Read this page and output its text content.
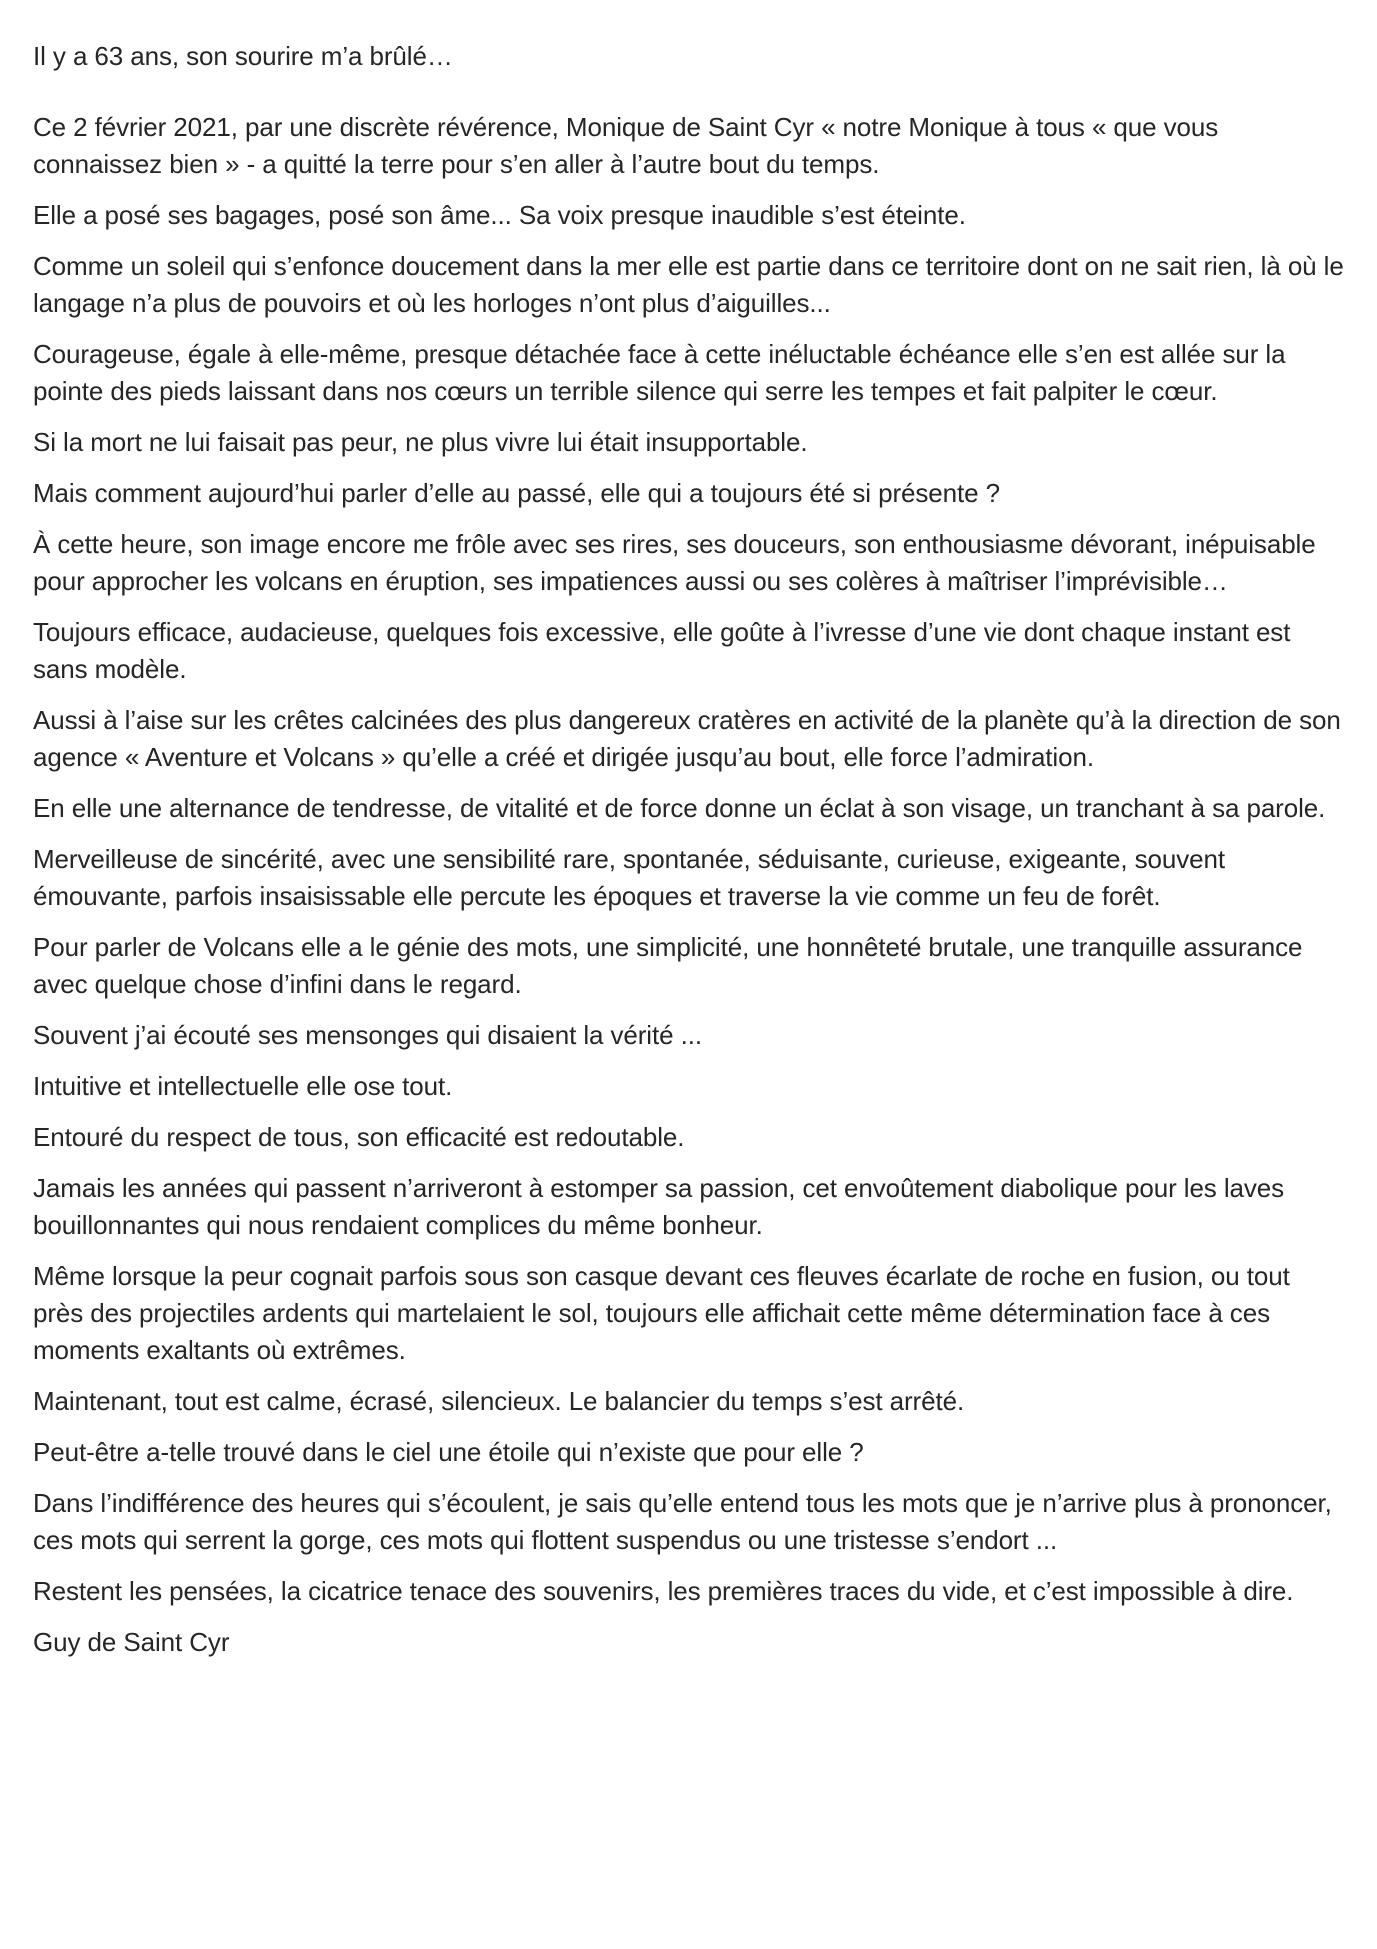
Il y a 63 ans, son sourire m’a brûlé…

Ce 2 février 2021, par une discrète révérence, Monique de Saint Cyr « notre Monique à tous « que vous connaissez bien » - a quitté la terre pour s’en aller à l’autre bout du temps.

Elle a posé ses bagages, posé son âme... Sa voix presque inaudible s’est éteinte.

Comme un soleil qui s’enfonce doucement dans la mer elle est partie dans ce territoire dont on ne sait rien, là où le langage n’a plus de pouvoirs et où les horloges n’ont plus d’aiguilles...

Courageuse, égale à elle-même, presque détachée face à cette inéluctable échéance elle s’en est allée sur la pointe des pieds laissant dans nos cœurs un terrible silence qui serre les tempes et fait palpiter le cœur.

Si la mort ne lui faisait pas peur, ne plus vivre lui était insupportable.

Mais comment aujourd’hui parler d’elle au passé, elle qui a toujours été si présente ?

À cette heure, son image encore me frôle avec ses rires, ses douceurs, son enthousiasme dévorant, inépuisable pour approcher les volcans en éruption, ses impatiences aussi ou ses colères à maîtriser l’imprévisible…

Toujours efficace, audacieuse, quelques fois excessive, elle goûte à l’ivresse d’une vie dont chaque instant est sans modèle.

Aussi à l’aise sur les crêtes calcinées des plus dangereux cratères en activité de la planète qu’à la direction de son agence « Aventure et Volcans » qu’elle a créé et dirigée jusqu’au bout, elle force l’admiration.

En elle une alternance de tendresse, de vitalité et de force donne un éclat à son visage, un tranchant à sa parole.

Merveilleuse de sincérité, avec une sensibilité rare, spontanée, séduisante, curieuse, exigeante, souvent émouvante, parfois insaisissable elle percute les époques et traverse la vie comme un feu de forêt.

Pour parler de Volcans elle a le génie des mots, une simplicité, une honnêteté brutale, une tranquille assurance avec quelque chose d’infini dans le regard.

Souvent j’ai écouté ses mensonges qui disaient la vérité ...

Intuitive et intellectuelle elle ose tout.

Entouré du respect de tous, son efficacité est redoutable.

Jamais les années qui passent n’arriveront à estomper sa passion, cet envoûtement diabolique pour les laves bouillonnantes qui nous rendaient complices du même bonheur.

Même lorsque la peur cognait parfois sous son casque devant ces fleuves écarlate de roche en fusion, ou tout près des projectiles ardents qui martelaient le sol, toujours elle affichait cette même détermination face à ces moments exaltants où extrêmes.

Maintenant, tout est calme, écrasé, silencieux. Le balancier du temps s’est arrêté.

Peut-être a-telle trouvé dans le ciel une étoile qui n’existe que pour elle ?

Dans l’indifférence des heures qui s’écoulent, je sais qu’elle entend tous les mots que je n’arrive plus à prononcer, ces mots qui serrent la gorge, ces mots qui flottent suspendus ou une tristesse s’endort ...

Restent les pensées, la cicatrice tenace des souvenirs, les premières traces du vide, et c’est impossible à dire.

Guy de Saint Cyr
